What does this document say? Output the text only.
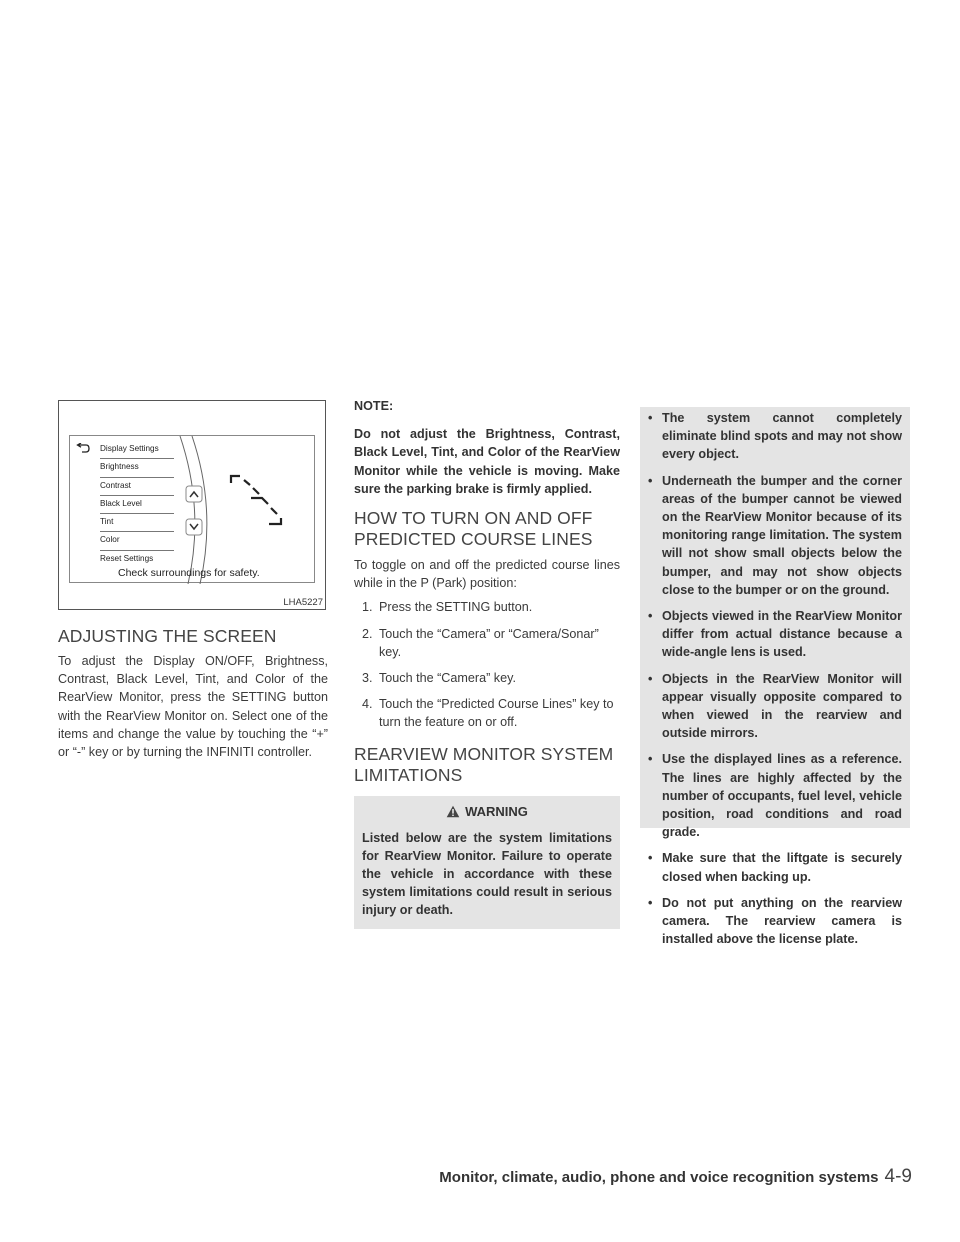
Display Settings
Brightness
Contrast
Black Level
Tint
Color
Reset Settings
Check surroundings for safety.
LHA5227
ADJUSTING THE SCREEN

To adjust the Display ON/OFF, Brightness, Contrast, Black Level, Tint, and Color of the RearView Monitor, press the SETTING button with the RearView Monitor on. Select one of the items and change the value by touching the “+” or “-” key or by turning the INFINITI controller.

NOTE:

Do not adjust the Brightness, Contrast, Black Level, Tint, and Color of the RearView Monitor while the vehicle is moving. Make sure the parking brake is firmly applied.

HOW TO TURN ON AND OFF PREDICTED COURSE LINES

To toggle on and off the predicted course lines while in the P (Park) position:

1. Press the SETTING button.
2. Touch the “Camera” or “Camera/Sonar” key.
3. Touch the “Camera” key.
4. Touch the “Predicted Course Lines” key to turn the feature on or off.
REARVIEW MONITOR SYSTEM LIMITATIONS
WARNING
Listed below are the system limitations for RearView Monitor. Failure to operate the vehicle in accordance with these system limitations could result in serious injury or death.
• The system cannot completely eliminate blind spots and may not show every object.
• Underneath the bumper and the corner areas of the bumper cannot be viewed on the RearView Monitor because of its monitoring range limitation. The system will not show small objects below the bumper, and may not show objects close to the bumper or on the ground.
• Objects viewed in the RearView Monitor differ from actual distance because a wide-angle lens is used.
• Objects in the RearView Monitor will appear visually opposite compared to when viewed in the rearview and outside mirrors.
• Use the displayed lines as a reference. The lines are highly affected by the number of occupants, fuel level, vehicle position, road conditions and road grade.
• Make sure that the liftgate is securely closed when backing up.
• Do not put anything on the rearview camera. The rearview camera is installed above the license plate.
Monitor, climate, audio, phone and voice recognition systems 4-9
